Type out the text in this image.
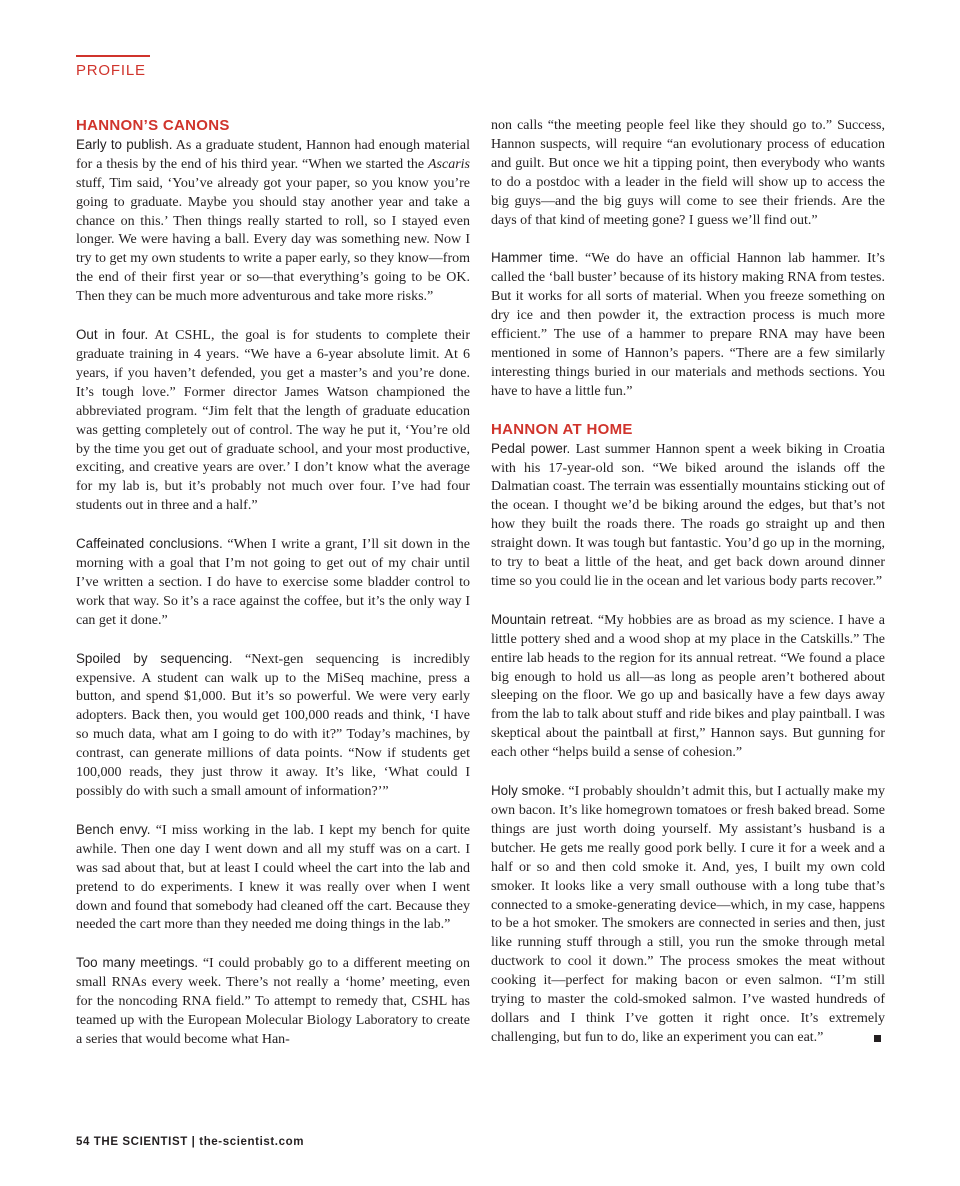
PROFILE
HANNON’S CANONS

Early to publish. As a graduate student, Hannon had enough material for a thesis by the end of his third year. “When we started the Ascaris stuff, Tim said, ‘You’ve already got your paper, so you know you’re going to graduate. Maybe you should stay another year and take a chance on this.’ Then things really started to roll, so I stayed even longer. We were having a ball. Every day was something new. Now I try to get my own students to write a paper early, so they know—from the end of their first year or so—that everything’s going to be OK. Then they can be much more adventurous and take more risks.”

Out in four. At CSHL, the goal is for students to complete their graduate training in 4 years. “We have a 6-year absolute limit. At 6 years, if you haven’t defended, you get a master’s and you’re done. It’s tough love.” Former director James Watson championed the abbreviated program. “Jim felt that the length of graduate education was getting completely out of control. The way he put it, ‘You’re old by the time you get out of graduate school, and your most productive, exciting, and creative years are over.’ I don’t know what the average for my lab is, but it’s probably not much over four. I’ve had four students out in three and a half.”

Caffeinated conclusions. “When I write a grant, I’ll sit down in the morning with a goal that I’m not going to get out of my chair until I’ve written a section. I do have to exercise some bladder control to work that way. So it’s a race against the coffee, but it’s the only way I can get it done.”

Spoiled by sequencing. “Next-gen sequencing is incredibly expensive. A student can walk up to the MiSeq machine, press a button, and spend $1,000. But it’s so powerful. We were very early adopters. Back then, you would get 100,000 reads and think, ‘I have so much data, what am I going to do with it?” Today’s machines, by contrast, can generate millions of data points. “Now if students get 100,000 reads, they just throw it away. It’s like, ‘What could I possibly do with such a small amount of information?’”

Bench envy. “I miss working in the lab. I kept my bench for quite awhile. Then one day I went down and all my stuff was on a cart. I was sad about that, but at least I could wheel the cart into the lab and pretend to do experiments. I knew it was really over when I went down and found that somebody had cleaned off the cart. Because they needed the cart more than they needed me doing things in the lab.”

Too many meetings. “I could probably go to a different meeting on small RNAs every week. There’s not really a ‘home’ meeting, even for the noncoding RNA field.” To attempt to remedy that, CSHL has teamed up with the European Molecular Biology Laboratory to create a series that would become what Han-

non calls “the meeting people feel like they should go to.” Success, Hannon suspects, will require “an evolutionary process of education and guilt. But once we hit a tipping point, then everybody who wants to do a postdoc with a leader in the field will show up to access the big guys—and the big guys will come to see their friends. Are the days of that kind of meeting gone? I guess we’ll find out.”

Hammer time. “We do have an official Hannon lab hammer. It’s called the ‘ball buster’ because of its history making RNA from testes. But it works for all sorts of material. When you freeze something on dry ice and then powder it, the extraction process is much more efficient.” The use of a hammer to prepare RNA may have been mentioned in some of Hannon’s papers. “There are a few similarly interesting things buried in our materials and methods sections. You have to have a little fun.”

HANNON AT HOME

Pedal power. Last summer Hannon spent a week biking in Croatia with his 17-year-old son. “We biked around the islands off the Dalmatian coast. The terrain was essentially mountains sticking out of the ocean. I thought we’d be biking around the edges, but that’s not how they built the roads there. The roads go straight up and then straight down. It was tough but fantastic. You’d go up in the morning, to try to beat a little of the heat, and get back down around dinner time so you could lie in the ocean and let various body parts recover.”

Mountain retreat. “My hobbies are as broad as my science. I have a little pottery shed and a wood shop at my place in the Catskills.” The entire lab heads to the region for its annual retreat. “We found a place big enough to hold us all—as long as people aren’t bothered about sleeping on the floor. We go up and basically have a few days away from the lab to talk about stuff and ride bikes and play paintball. I was skeptical about the paintball at first,” Hannon says. But gunning for each other “helps build a sense of cohesion.”

Holy smoke. “I probably shouldn’t admit this, but I actually make my own bacon. It’s like homegrown tomatoes or fresh baked bread. Some things are just worth doing yourself. My assistant’s husband is a butcher. He gets me really good pork belly. I cure it for a week and a half or so and then cold smoke it. And, yes, I built my own cold smoker. It looks like a very small outhouse with a long tube that’s connected to a smoke-generating device—which, in my case, happens to be a hot smoker. The smokers are connected in series and then, just like running stuff through a still, you run the smoke through metal ductwork to cool it down.” The process smokes the meat without cooking it—perfect for making bacon or even salmon. “I’m still trying to master the cold-smoked salmon. I’ve wasted hundreds of dollars and I think I’ve gotten it right once. It’s extremely challenging, but fun to do, like an experiment you can eat.”

54 THE SCIENTIST | the-scientist.com
